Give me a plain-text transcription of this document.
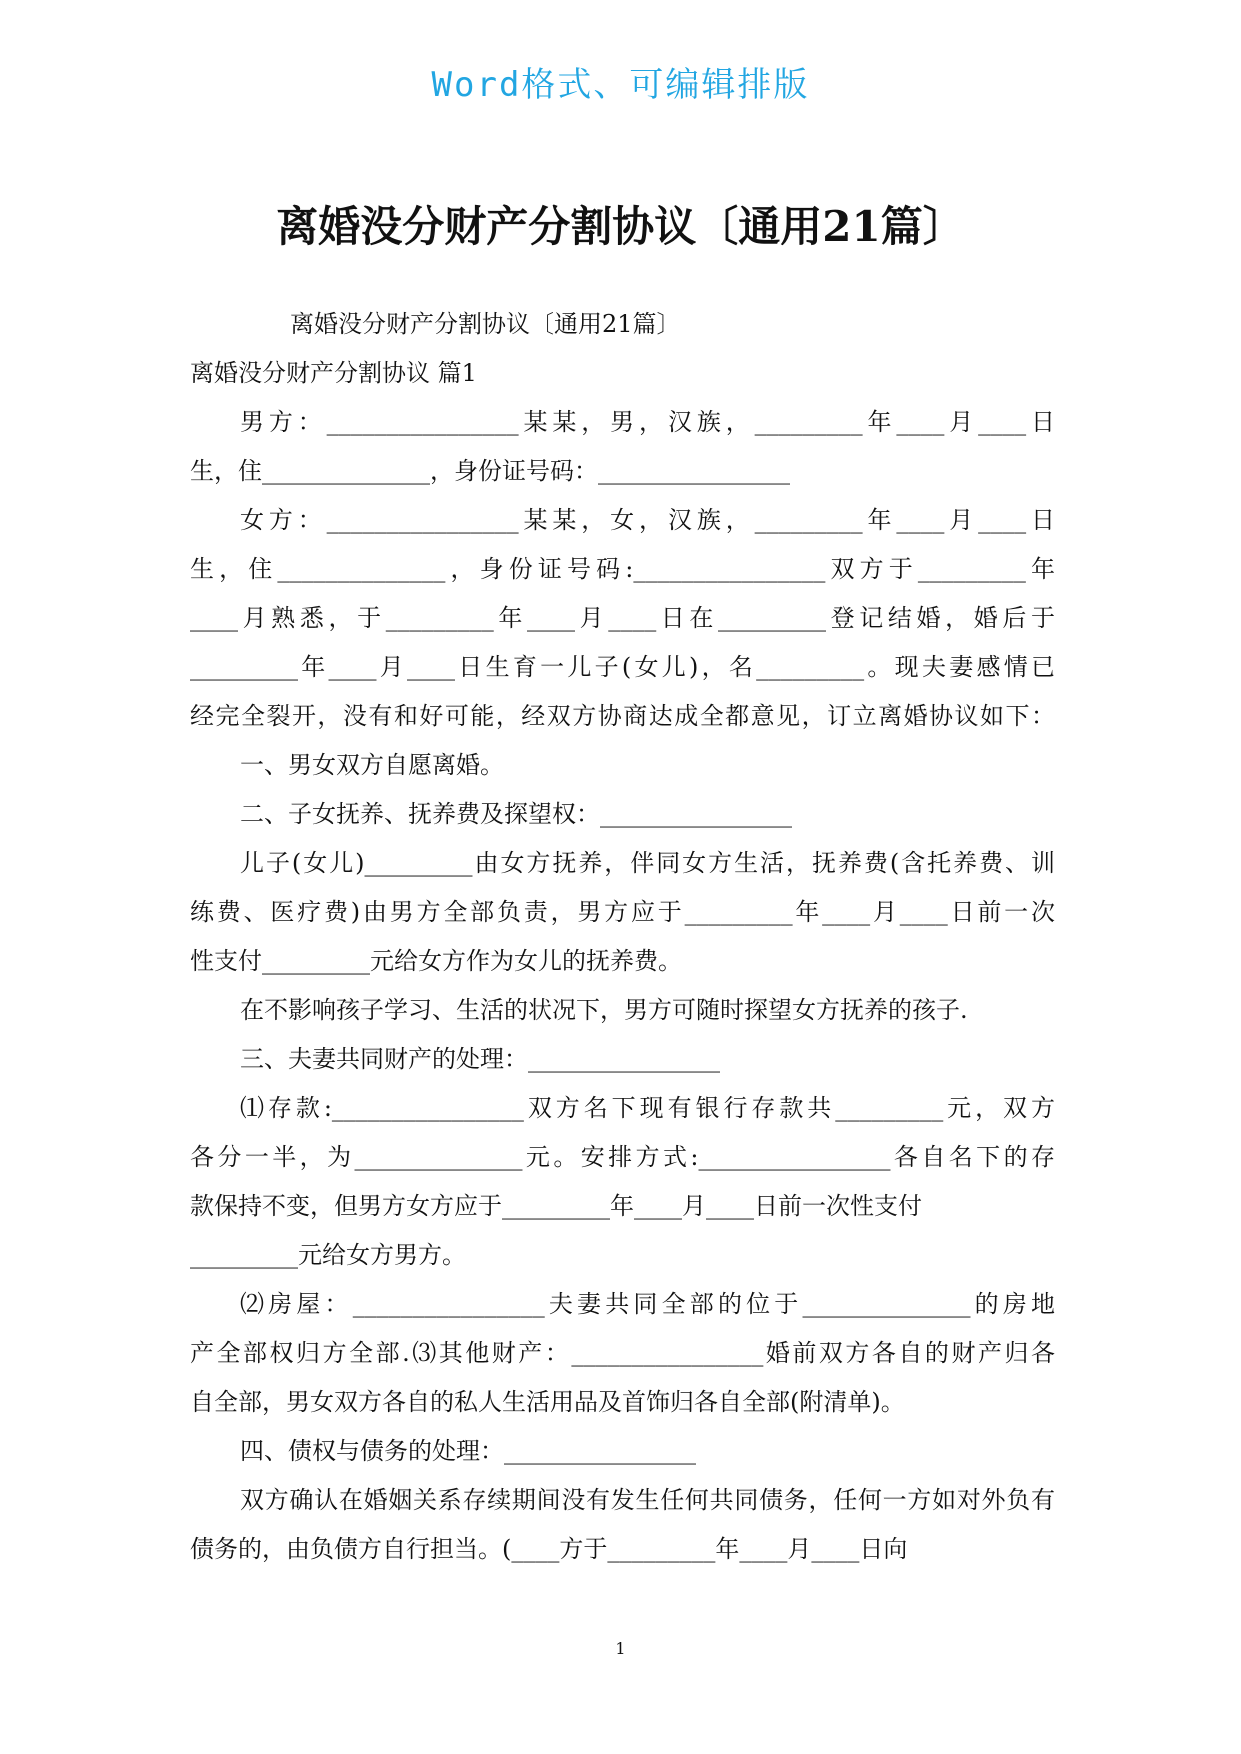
Word格式、可编辑排版
离婚没分财产分割协议〔通用21篇〕
离婚没分财产分割协议〔通用21篇〕
离婚没分财产分割协议 篇1
男方：________________某某，男，汉族，_________年____月____日
生，住______________，身份证号码：________________
女方：________________某某，女，汉族，_________年____月____日
生，住______________，身份证号码:________________双方于_________年
____月熟悉，于_________年____月____日在_________登记结婚，婚后于
_________年____月____日生育一儿子(女儿)，名_________。现夫妻感情已
经完全裂开，没有和好可能，经双方协商达成全都意见，订立离婚协议如下：
一、男女双方自愿离婚。
二、子女抚养、抚养费及探望权：________________
儿子(女儿)_________由女方抚养，伴同女方生活，抚养费(含托养费、训
练费、医疗费)由男方全部负责，男方应于_________年____月____日前一次
性支付_________元给女方作为女儿的抚养费。
在不影响孩子学习、生活的状况下，男方可随时探望女方抚养的孩子.
三、夫妻共同财产的处理：________________
⑴存款:________________双方名下现有银行存款共_________元，双方
各分一半，为______________元。安排方式:________________各自名下的存
款保持不变，但男方女方应于_________年____月____日前一次性支付
_________元给女方男方。
⑵房屋：________________夫妻共同全部的位于______________的房地
产全部权归方全部.⑶其他财产：________________婚前双方各自的财产归各
自全部，男女双方各自的私人生活用品及首饰归各自全部(附清单)。
四、债权与债务的处理：________________
双方确认在婚姻关系存续期间没有发生任何共同债务，任何一方如对外负有
债务的，由负债方自行担当。(____方于_________年____月____日向
1
